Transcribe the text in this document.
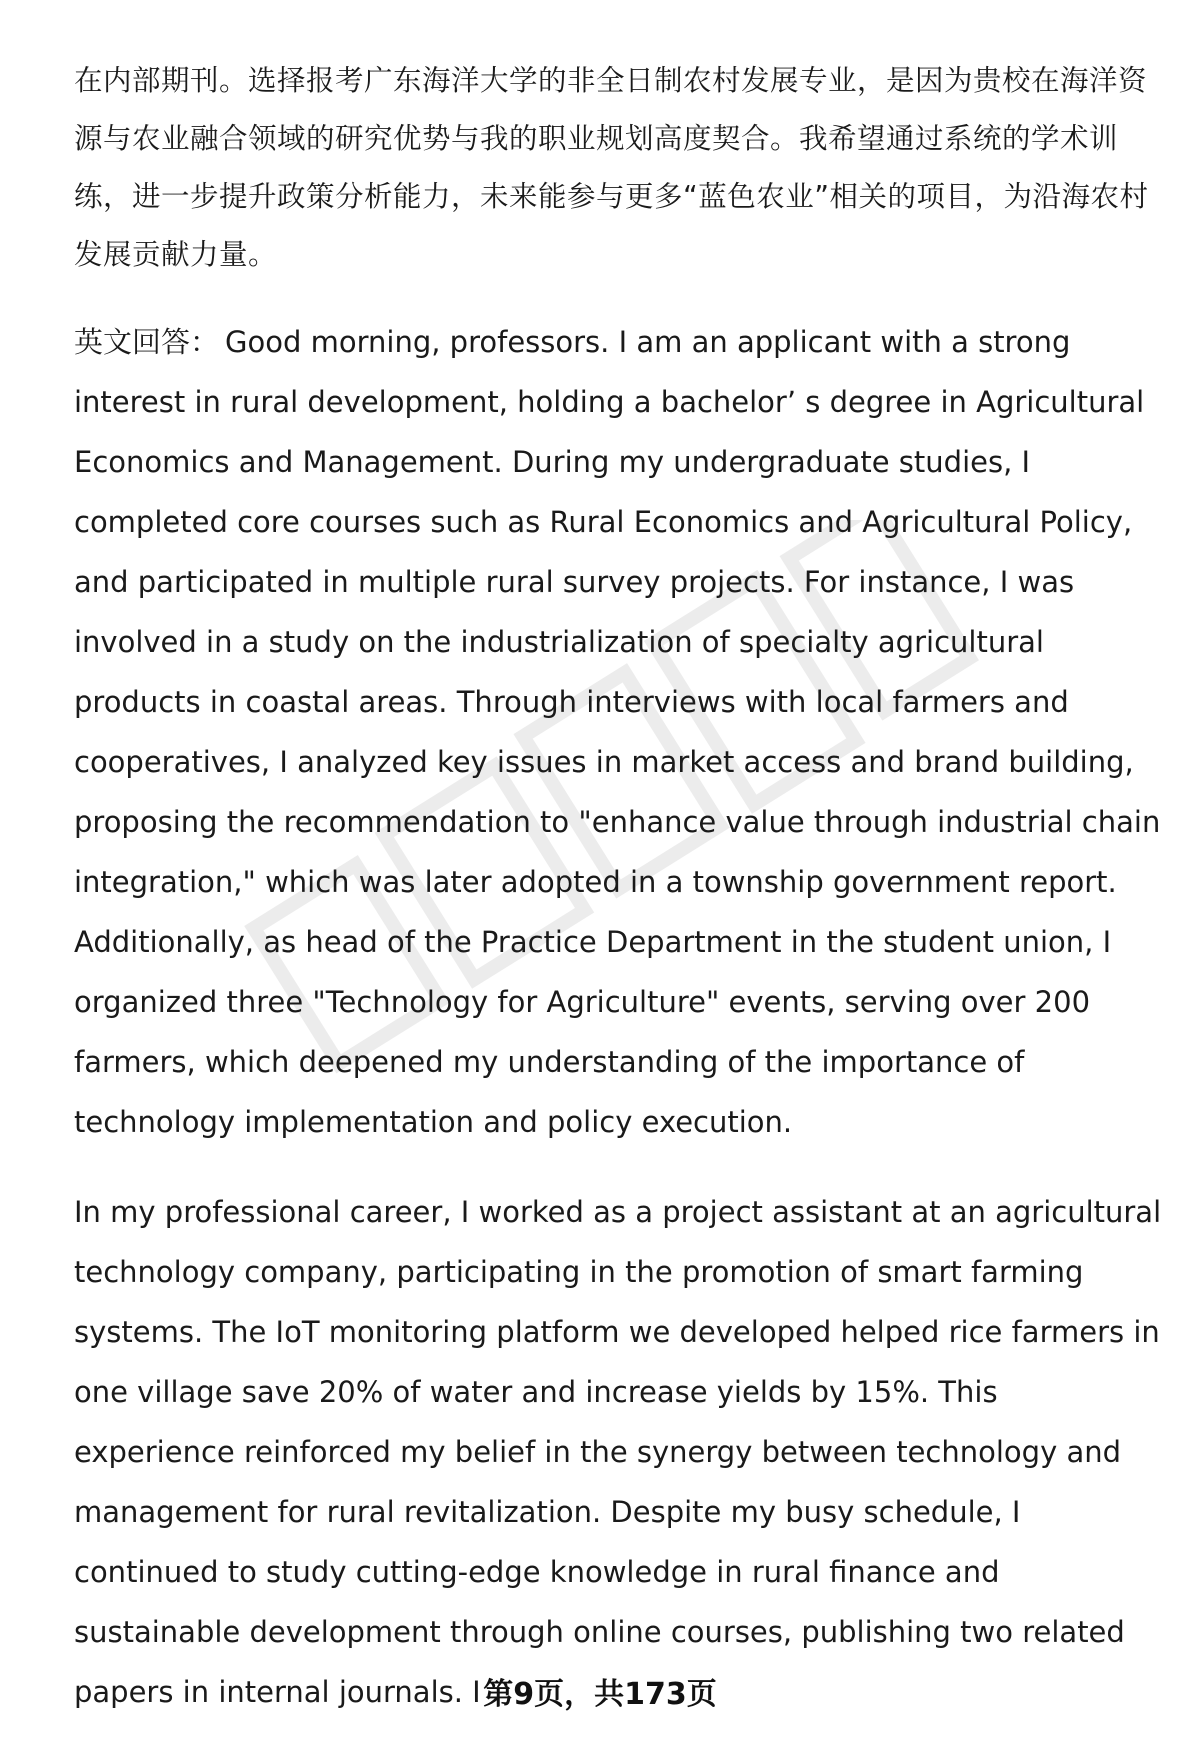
在内部期刊。选择报考广东海洋大学的非全日制农村发展专业，是因为贵校在海洋资源与农业融合领域的研究优势与我的职业规划高度契合。我希望通过系统的学术训练，进一步提升政策分析能力，未来能参与更多“蓝色农业”相关的项目，为沿海农村发展贡献力量。

英文回答： Good morning, professors. I am an applicant with a strong interest in rural development, holding a bachelor’ s degree in Agricultural Economics and Management. During my undergraduate studies, I completed core courses such as Rural Economics and Agricultural Policy, and participated in multiple rural survey projects. For instance, I was involved in a study on the industrialization of specialty agricultural products in coastal areas. Through interviews with local farmers and cooperatives, I analyzed key issues in market access and brand building, proposing the recommendation to "enhance value through industrial chain integration," which was later adopted in a township government report. Additionally, as head of the Practice Department in the student union, I organized three "Technology for Agriculture" events, serving over 200 farmers, which deepened my understanding of the importance of technology implementation and policy execution.

In my professional career, I worked as a project assistant at an agricultural technology company, participating in the promotion of smart farming systems. The IoT monitoring platform we developed helped rice farmers in one village save 20% of water and increase yields by 15%. This experience reinforced my belief in the synergy between technology and management for rural revitalization. Despite my busy schedule, I continued to study cutting-edge knowledge in rural finance and sustainable development through online courses, publishing two related papers in internal journals. I 第9页，共173页
